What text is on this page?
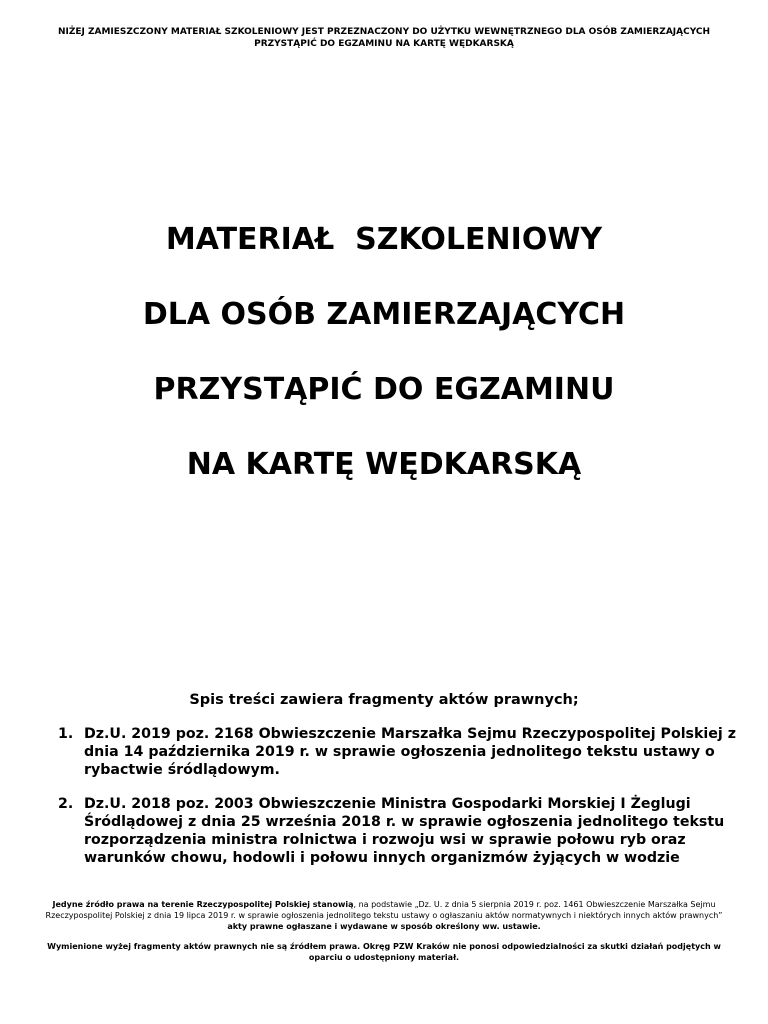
NIŻEJ ZAMIESZCZONY MATERIAŁ SZKOLENIOWY JEST PRZEZNACZONY DO UŻYTKU WEWNĘTRZNEGO DLA OSÓB ZAMIERZAJĄCYCH PRZYSTĄPIĆ DO EGZAMINU NA KARTĘ WĘDKARSKĄ
MATERIAŁ  SZKOLENIOWY
DLA OSÓB ZAMIERZAJĄCYCH
PRZYSTĄPIĆ DO EGZAMINU
NA KARTĘ WĘDKARSKĄ
Spis treści zawiera fragmenty aktów prawnych;
1. Dz.U. 2019 poz. 2168 Obwieszczenie Marszałka Sejmu Rzeczypospolitej Polskiej z dnia 14 października 2019 r. w sprawie ogłoszenia jednolitego tekstu ustawy o rybactwie śródlądowym.
2. Dz.U. 2018 poz. 2003 Obwieszczenie Ministra Gospodarki Morskiej I Żeglugi Śródlądowej z dnia 25 września 2018 r. w sprawie ogłoszenia jednolitego tekstu rozporządzenia ministra rolnictwa i rozwoju wsi w sprawie połowu ryb oraz warunków chowu, hodowli i połowu innych organizmów żyjących w wodzie

Jedyne źródło prawa na terenie Rzeczypospolitej Polskiej stanowią, na podstawie „Dz. U. z dnia 5 sierpnia 2019 r. poz. 1461 Obwieszczenie Marszałka Sejmu Rzeczypospolitej Polskiej z dnia 19 lipca 2019 r. w sprawie ogłoszenia jednolitego tekstu ustawy o ogłaszaniu aktów normatywnych i niektórych innych aktów prawnych”

akty prawne ogłaszane i wydawane w sposób określony ww. ustawie.

Wymienione wyżej fragmenty aktów prawnych nie są źródłem prawa. Okręg PZW Kraków nie ponosi odpowiedzialności za skutki działań podjętych w oparciu o udostępniony materiał.
